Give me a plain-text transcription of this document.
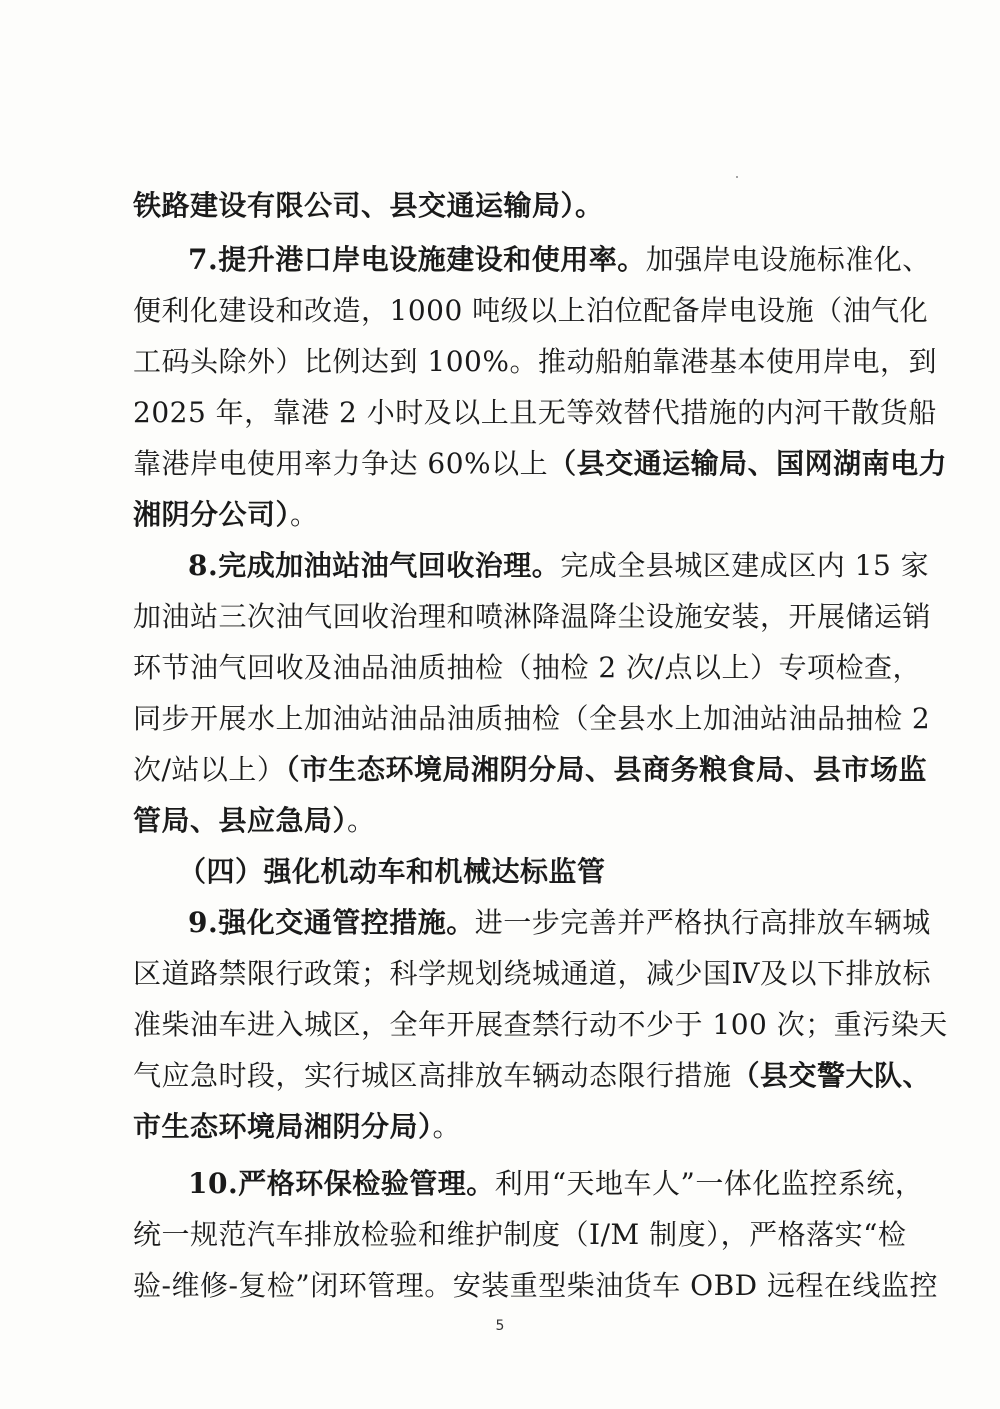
铁路建设有限公司、县交通运输局）。
7.提升港口岸电设施建设和使用率。加强岸电设施标准化、
便利化建设和改造，1000 吨级以上泊位配备岸电设施（油气化
工码头除外）比例达到 100%。推动船舶靠港基本使用岸电，到
2025 年，靠港 2 小时及以上且无等效替代措施的内河干散货船
靠港岸电使用率力争达 60%以上（县交通运输局、国网湖南电力
湘阴分公司）。
8.完成加油站油气回收治理。完成全县城区建成区内 15 家
加油站三次油气回收治理和喷淋降温降尘设施安装，开展储运销
环节油气回收及油品油质抽检（抽检 2 次/点以上）专项检查，
同步开展水上加油站油品油质抽检（全县水上加油站油品抽检 2
次/站以上）（市生态环境局湘阴分局、县商务粮食局、县市场监
管局、县应急局）。
（四）强化机动车和机械达标监管
9.强化交通管控措施。进一步完善并严格执行高排放车辆城
区道路禁限行政策；科学规划绕城通道，减少国Ⅳ及以下排放标
准柴油车进入城区，全年开展查禁行动不少于 100 次；重污染天
气应急时段，实行城区高排放车辆动态限行措施（县交警大队、
市生态环境局湘阴分局）。
10.严格环保检验管理。利用“天地车人”一体化监控系统，
统一规范汽车排放检验和维护制度（I/M 制度），严格落实“检
验-维修-复检”闭环管理。安装重型柴油货车 OBD 远程在线监控
5
